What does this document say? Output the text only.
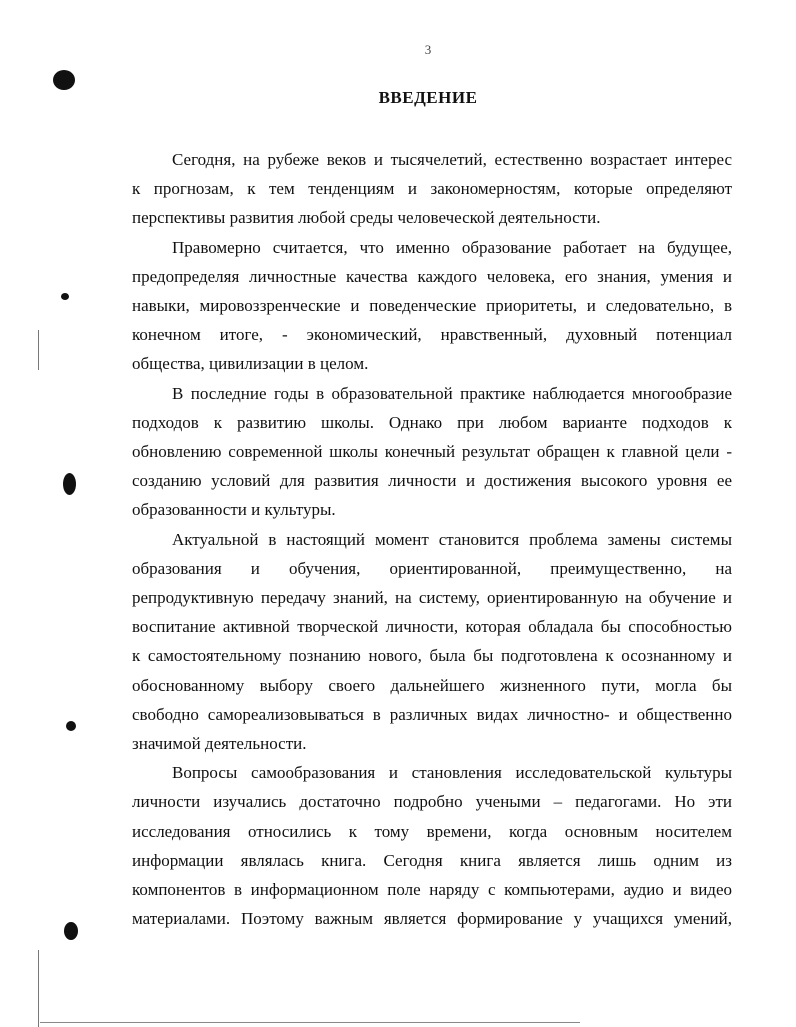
3
ВВЕДЕНИЕ
Сегодня, на рубеже веков и тысячелетий, естественно возрастает интерес
к прогнозам, к тем тенденциям и закономерностям, которые определяют
перспективы развития любой среды человеческой деятельности.
Правомерно считается, что именно образование работает на будущее,
предопределяя личностные качества каждого человека, его знания, умения и
навыки, мировоззренческие и поведенческие приоритеты, и следовательно, в
конечном итоге, - экономический, нравственный, духовный потенциал
общества, цивилизации в целом.
В последние годы в образовательной практике наблюдается многообразие
подходов к развитию школы. Однако при любом варианте подходов к
обновлению современной школы конечный результат обращен к главной цели -
созданию условий для развития личности и достижения высокого уровня ее
образованности и культуры.
Актуальной в настоящий момент становится проблема замены системы
образования и обучения, ориентированной, преимущественно, на
репродуктивную передачу знаний, на систему, ориентированную на обучение и
воспитание активной творческой личности, которая обладала бы способностью
к самостоятельному познанию нового, была бы подготовлена к осознанному и
обоснованному выбору своего дальнейшего жизненного пути, могла бы
свободно самореализовываться в различных видах личностно- и общественно
значимой деятельности.
Вопросы самообразования и становления исследовательской культуры
личности изучались достаточно подробно учеными – педагогами. Но эти
исследования относились к тому времени, когда основным носителем
информации являлась книга. Сегодня книга является лишь одним из
компонентов в информационном поле наряду с компьютерами, аудио и видео
материалами. Поэтому важным является формирование у учащихся умений,
